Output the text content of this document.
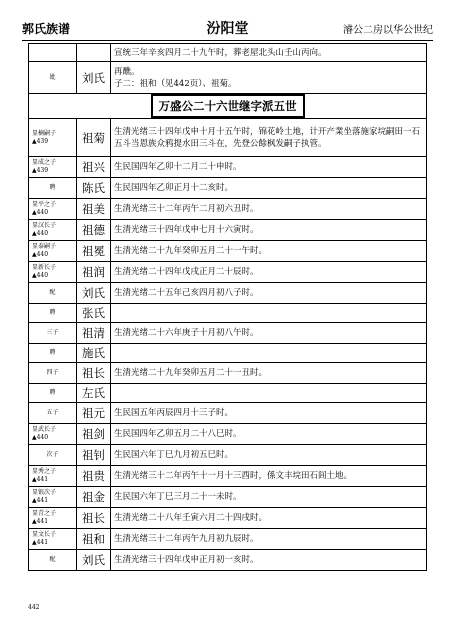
郭氏族谱	汾阳堂	濬公二房以华公世纪
		宣统三年辛亥四月二十九午时，葬老屋北头山壬山丙向。
妣	刘氏	再醮。
子二：祖和（见442页）、祖菊。

万盛公二十六世继字派五世		
显楠嗣子
▲439	祖菊	生清光绪三十四年戊申十月十五午时，锦花岭土地，计开产業坐落施家垸嗣田一石五斗当恩族众鸦提水田三斗在，先登公餘枫发嗣子执管。
显成之子
▲439	祖兴	生民国四年乙卯十二月二十申时。
聘	陈氏	生民国四年乙卯正月十二亥时。
显平之子
▲440	祖美	生清光绪三十二年丙午二月初六丑时。
显汉长子
▲440	祖德	生清光绪三十四年戊申七月十六寅时。
显泰嗣子
▲440	祖冕	生清光绪二十九年癸卯五月二十一午时。
显新长子
▲440	祖润	生清光绪二十四年戊戌正月二十辰时。
配	刘氏	生清光绪二十五年己亥四月初八子时。
聘	张氏	
三子	祖清	生清光绪二十六年庚子十月初八午时。
聘	施氏	
四子	祖长	生清光绪二十九年癸卯五月二十一丑时。
聘	左氏	
五子	祖元	生民国五年丙辰四月十三子时。
显武长子
▲440	祖剑	生民国四年乙卯五月二十八巳时。
次子	祖钊	生民国六年丁巳九月初五巳时。
显秀之子
▲441	祖贵	生清光绪三十二年丙午十一月十三酉时，係文丰垸田石闾土地。
显银次子
▲441	祖金	生民国六年丁巳三月二十一未时。
显青之子
▲441	祖长	生清光绪二十八年壬寅六月二十四戌时。
显文长子
▲441	祖和	生清光绪三十二年丙午九月初九辰时。
配	刘氏	生清光绪三十四年戊申正月初一亥时。
442
